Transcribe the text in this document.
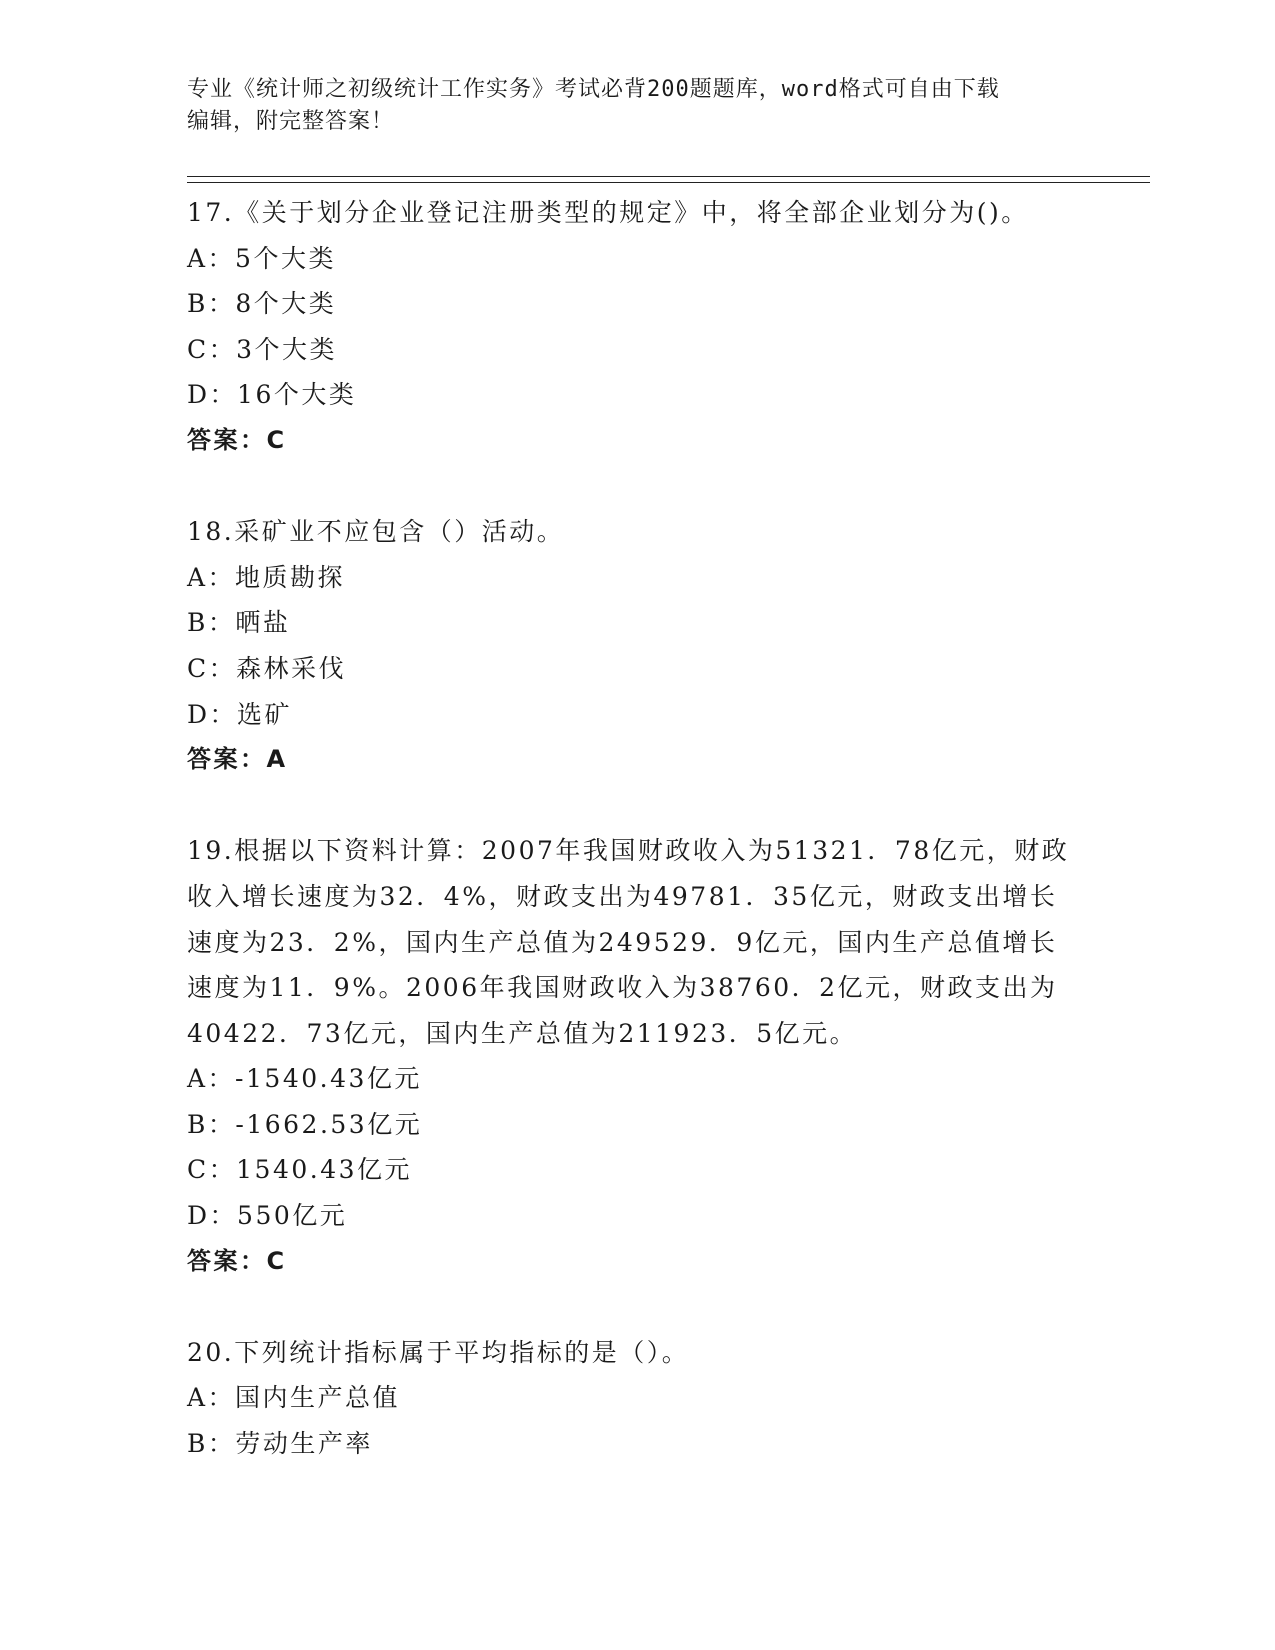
专业《统计师之初级统计工作实务》考试必背200题题库，word格式可自由下载
编辑，附完整答案！

17.《关于划分企业登记注册类型的规定》中，将全部企业划分为()。

A：5个大类

B：8个大类

C：3个大类

D：16个大类

答案：C

18.采矿业不应包含（）活动。

A：地质勘探

B：晒盐

C：森林采伐

D：选矿

答案：A

19.根据以下资料计算：2007年我国财政收入为51321．78亿元，财政

收入增长速度为32．4%，财政支出为49781．35亿元，财政支出增长

速度为23．2%，国内生产总值为249529．9亿元，国内生产总值增长

速度为11．9%。2006年我国财政收入为38760．2亿元，财政支出为

40422．73亿元，国内生产总值为211923．5亿元。

A：-1540.43亿元

B：-1662.53亿元

C：1540.43亿元

D：550亿元

答案：C

20.下列统计指标属于平均指标的是（）。

A：国内生产总值

B：劳动生产率
